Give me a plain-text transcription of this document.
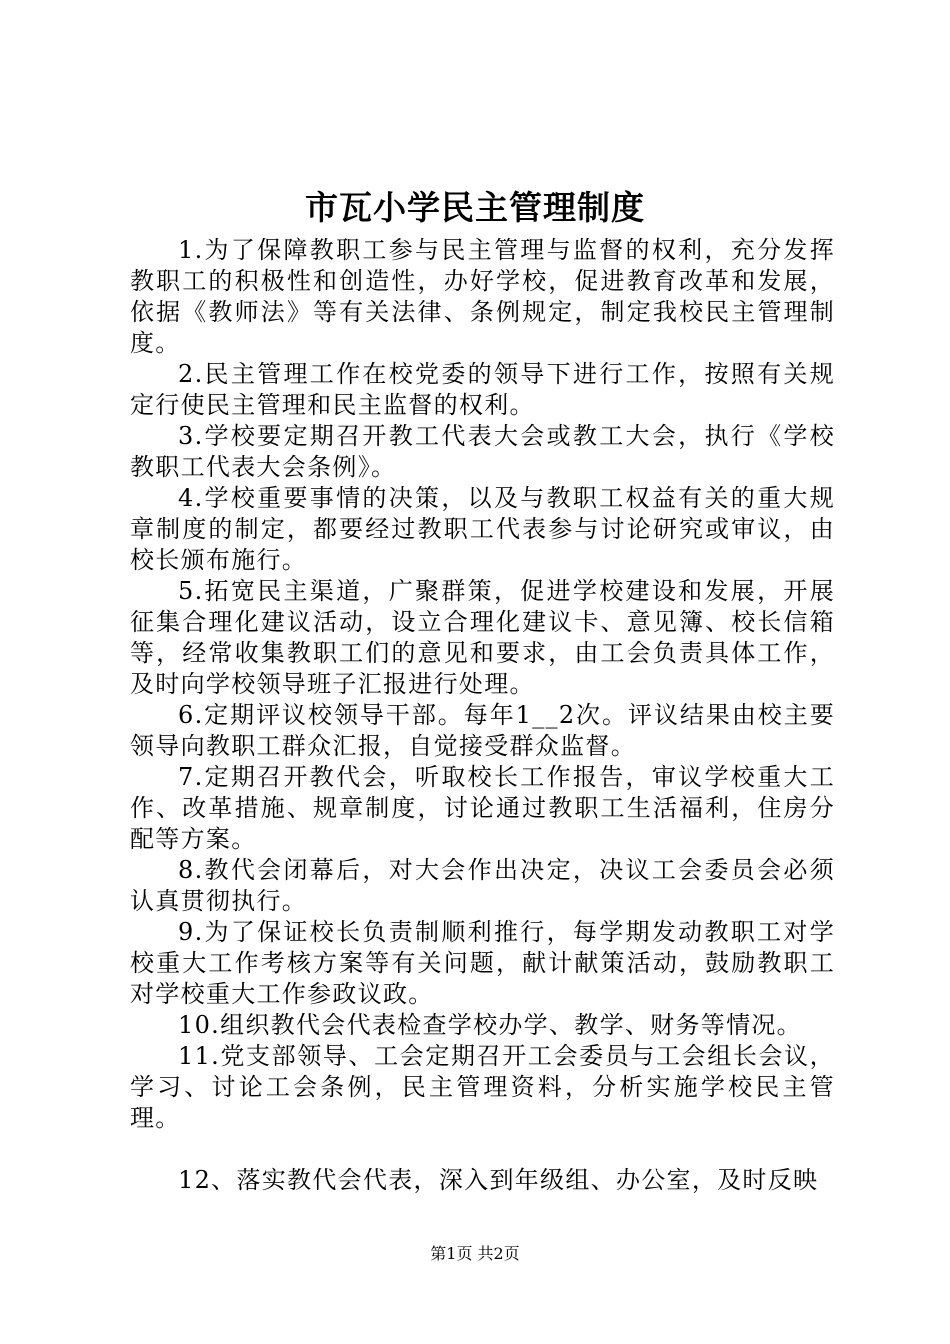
市瓦小学民主管理制度

1.为了保障教职工参与民主管理与监督的权利，充分发挥教职工的积极性和创造性，办好学校，促进教育改革和发展，依据《教师法》等有关法律、条例规定，制定我校民主管理制度。

2.民主管理工作在校党委的领导下进行工作，按照有关规定行使民主管理和民主监督的权利。

3.学校要定期召开教工代表大会或教工大会，执行《学校教职工代表大会条例》。

4.学校重要事情的决策，以及与教职工权益有关的重大规章制度的制定，都要经过教职工代表参与讨论研究或审议，由校长颁布施行。

5.拓宽民主渠道，广聚群策，促进学校建设和发展，开展征集合理化建议活动，设立合理化建议卡、意见簿、校长信箱等，经常收集教职工们的意见和要求，由工会负责具体工作，及时向学校领导班子汇报进行处理。

6.定期评议校领导干部。每年1__2次。评议结果由校主要领导向教职工群众汇报，自觉接受群众监督。

7.定期召开教代会，听取校长工作报告，审议学校重大工作、改革措施、规章制度，讨论通过教职工生活福利，住房分配等方案。

8.教代会闭幕后，对大会作出决定，决议工会委员会必须认真贯彻执行。

9.为了保证校长负责制顺利推行，每学期发动教职工对学校重大工作考核方案等有关问题，献计献策活动，鼓励教职工对学校重大工作参政议政。

10.组织教代会代表检查学校办学、教学、财务等情况。

11.党支部领导、工会定期召开工会委员与工会组长会议，学习、讨论工会条例，民主管理资料，分析实施学校民主管理。

12、落实教代会代表，深入到年级组、办公室，及时反映

第1页 共2页
